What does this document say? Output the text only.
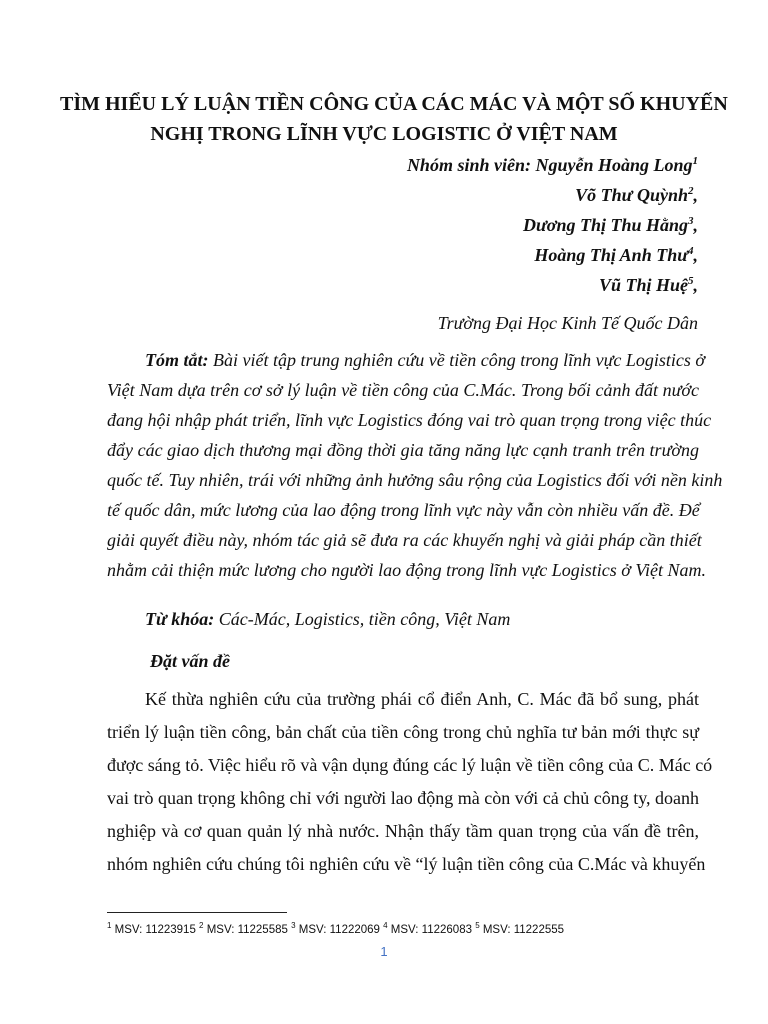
TÌM HIỂU LÝ LUẬN TIỀN CÔNG CỦA CÁC MÁC VÀ MỘT SỐ KHUYẾN
NGHỊ TRONG LĨNH VỰC LOGISTIC Ở VIỆT NAM
Nhóm sinh viên: Nguyễn Hoàng Long$^1$
Võ Thư Quỳnh$^2$,
Dương Thị Thu Hằng$^3$,
Hoàng Thị Anh Thư$^4$,
Vũ Thị Huệ$^5$,
Trường Đại Học Kinh Tế Quốc Dân
Tóm tắt: Bài viết tập trung nghiên cứu về tiền công trong lĩnh vực Logistics ở
Việt Nam dựa trên cơ sở lý luận về tiền công của C.Mác. Trong bối cảnh đất nước
đang hội nhập phát triển, lĩnh vực Logistics đóng vai trò quan trọng trong việc thúc
đẩy các giao dịch thương mại đồng thời gia tăng năng lực cạnh tranh trên trường
quốc tế. Tuy nhiên, trái với những ảnh hưởng sâu rộng của Logistics đối với nền kinh
tế quốc dân, mức lương của lao động trong lĩnh vực này vẫn còn nhiều vấn đề. Để
giải quyết điều này, nhóm tác giả sẽ đưa ra các khuyến nghị và giải pháp cần thiết
nhằm cải thiện mức lương cho người lao động trong lĩnh vực Logistics ở Việt Nam.
Từ khóa: Các-Mác, Logistics, tiền công, Việt Nam
Đặt vấn đề
Kế thừa nghiên cứu của trường phái cổ điển Anh, C. Mác đã bổ sung, phát
triển lý luận tiền công, bản chất của tiền công trong chủ nghĩa tư bản mới thực sự
được sáng tỏ. Việc hiểu rõ và vận dụng đúng các lý luận về tiền công của C. Mác có
vai trò quan trọng không chỉ với người lao động mà còn với cả chủ công ty, doanh
nghiệp và cơ quan quản lý nhà nước. Nhận thấy tầm quan trọng của vấn đề trên,
nhóm nghiên cứu chúng tôi nghiên cứu về “lý luận tiền công của C.Mác và khuyến
$^1$ MSV: 11223915 $^2$ MSV: 11225585 $^3$ MSV: 11222069 $^4$ MSV: 11226083 $^5$ MSV: 11222555
1
